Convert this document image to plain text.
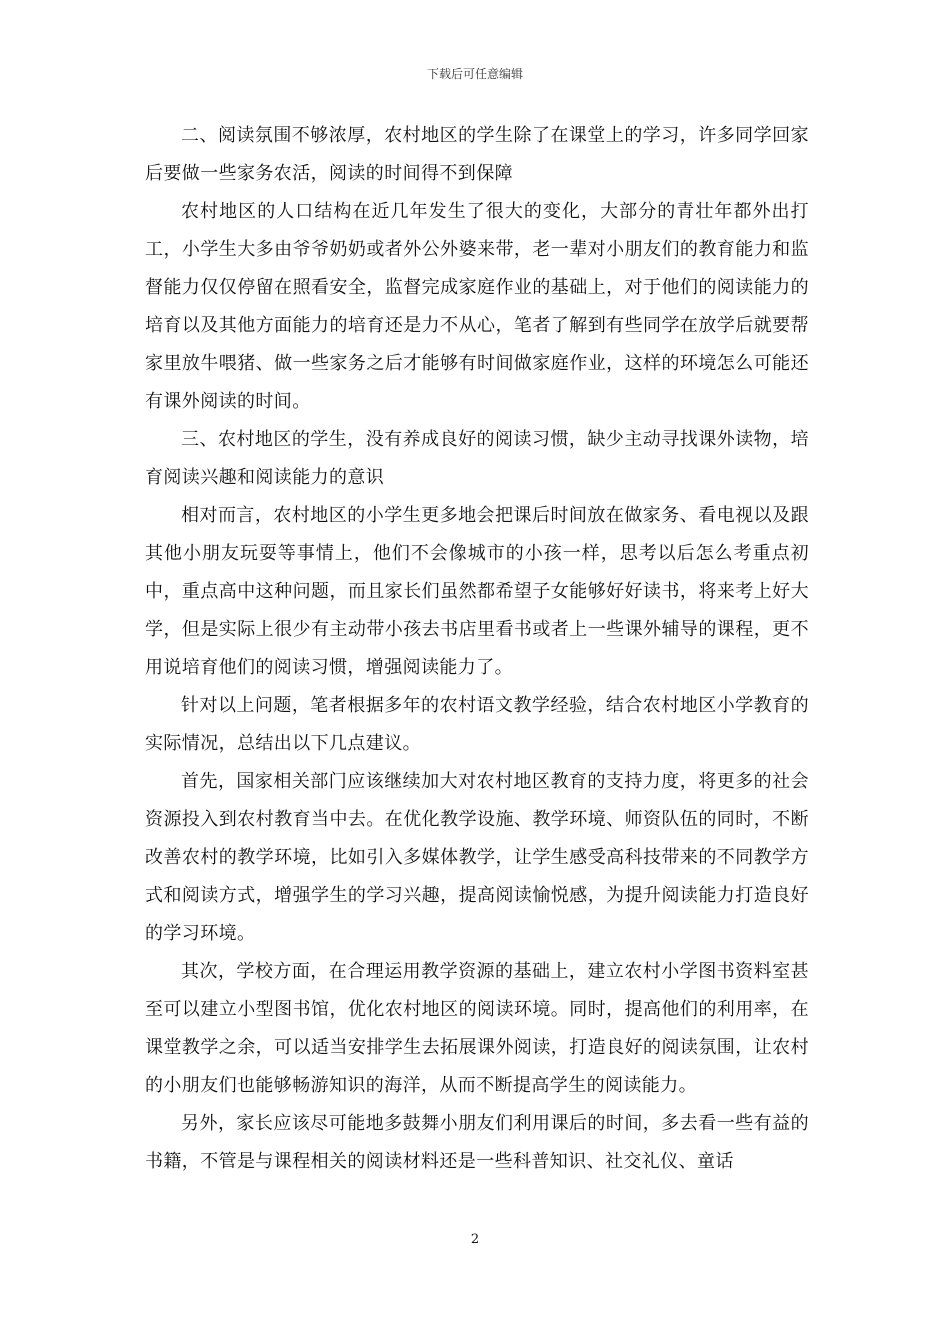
下载后可任意编辑

二、阅读氛围不够浓厚，农村地区的学生除了在课堂上的学习，许多同学回家后要做一些家务农活，阅读的时间得不到保障

农村地区的人口结构在近几年发生了很大的变化，大部分的青壮年都外出打工，小学生大多由爷爷奶奶或者外公外婆来带，老一辈对小朋友们的教育能力和监督能力仅仅停留在照看安全，监督完成家庭作业的基础上，对于他们的阅读能力的培育以及其他方面能力的培育还是力不从心，笔者了解到有些同学在放学后就要帮家里放牛喂猪、做一些家务之后才能够有时间做家庭作业，这样的环境怎么可能还有课外阅读的时间。

三、农村地区的学生，没有养成良好的阅读习惯，缺少主动寻找课外读物，培育阅读兴趣和阅读能力的意识

相对而言，农村地区的小学生更多地会把课后时间放在做家务、看电视以及跟其他小朋友玩耍等事情上，他们不会像城市的小孩一样，思考以后怎么考重点初中，重点高中这种问题，而且家长们虽然都希望子女能够好好读书，将来考上好大学，但是实际上很少有主动带小孩去书店里看书或者上一些课外辅导的课程，更不用说培育他们的阅读习惯，增强阅读能力了。

针对以上问题，笔者根据多年的农村语文教学经验，结合农村地区小学教育的实际情况，总结出以下几点建议。

首先，国家相关部门应该继续加大对农村地区教育的支持力度，将更多的社会资源投入到农村教育当中去。在优化教学设施、教学环境、师资队伍的同时，不断改善农村的教学环境，比如引入多媒体教学，让学生感受高科技带来的不同教学方式和阅读方式，增强学生的学习兴趣，提高阅读愉悦感，为提升阅读能力打造良好的学习环境。

其次，学校方面，在合理运用教学资源的基础上，建立农村小学图书资料室甚至可以建立小型图书馆，优化农村地区的阅读环境。同时，提高他们的利用率，在课堂教学之余，可以适当安排学生去拓展课外阅读，打造良好的阅读氛围，让农村的小朋友们也能够畅游知识的海洋，从而不断提高学生的阅读能力。

另外，家长应该尽可能地多鼓舞小朋友们利用课后的时间，多去看一些有益的书籍，不管是与课程相关的阅读材料还是一些科普知识、社交礼仪、童话

2
